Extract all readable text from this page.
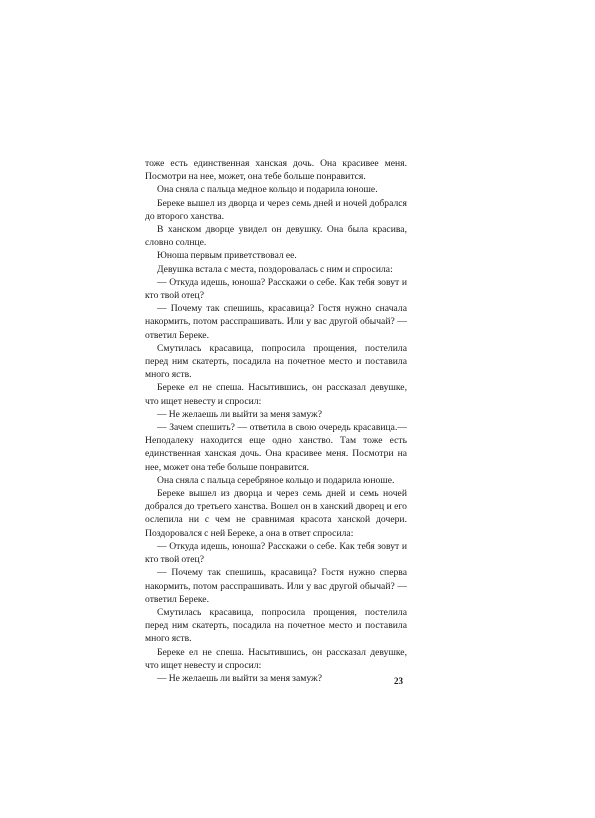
тоже есть единственная ханская дочь. Она красивее меня. Посмотри на нее, может, она тебе больше понравится.

Она сняла с пальца медное кольцо и подарила юноше.

Береке вышел из дворца и через семь дней и ночей добрался до второго ханства.

В ханском дворце увидел он девушку. Она была красива, словно солнце.

Юноша первым приветствовал ее.

Девушка встала с места, поздоровалась с ним и спросила:

— Откуда идешь, юноша? Расскажи о себе. Как тебя зовут и кто твой отец?

— Почему так спешишь, красавица? Гостя нужно сначала накормить, потом расспрашивать. Или у вас другой обычай? — ответил Береке.

Смутилась красавица, попросила прощения, постелила перед ним скатерть, посадила на почетное место и поставила много яств.

Береке ел не спеша. Насытившись, он рассказал девушке, что ищет невесту и спросил:

— Не желаешь ли выйти за меня замуж?

— Зачем спешить? — ответила в свою очередь красавица.— Неподалеку находится еще одно ханство. Там тоже есть единственная ханская дочь. Она красивее меня. Посмотри на нее, может она тебе больше понравится.

Она сняла с пальца серебряное кольцо и подарила юноше.

Береке вышел из дворца и через семь дней и семь ночей добрался до третьего ханства. Вошел он в ханский дворец и его ослепила ни с чем не сравнимая красота ханской дочери. Поздоровался с ней Береке, а она в ответ спросила:

— Откуда идешь, юноша? Расскажи о себе. Как тебя зовут и кто твой отец?

— Почему так спешишь, красавица? Гостя нужно сперва накормить, потом расспрашивать. Или у вас другой обычай? — ответил Береке.

Смутилась красавица, попросила прощения, постелила перед ним скатерть, посадила на почетное место и поставила много яств.

Береке ел не спеша. Насытившись, он рассказал девушке, что ищет невесту и спросил:

— Не желаешь ли выйти за меня замуж?	23
